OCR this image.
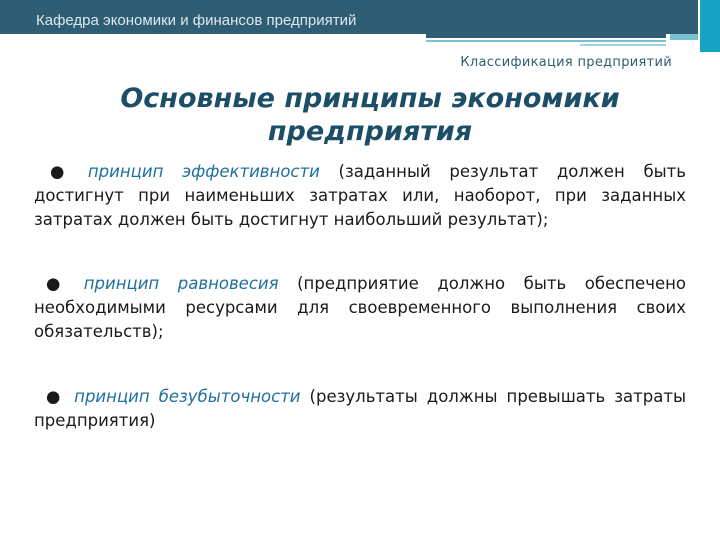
Кафедра экономики и финансов предприятий
Классификация предприятий
Основные принципы экономики предприятия

● принцип эффективности (заданный результат должен быть достигнут при наименьших затратах или, наоборот, при заданных затратах должен быть достигнут наибольший результат);

● принцип равновесия (предприятие должно быть обеспечено необходимыми ресурсами для своевременного выполнения своих обязательств);

● принцип безубыточности (результаты должны превышать затраты предприятия)
